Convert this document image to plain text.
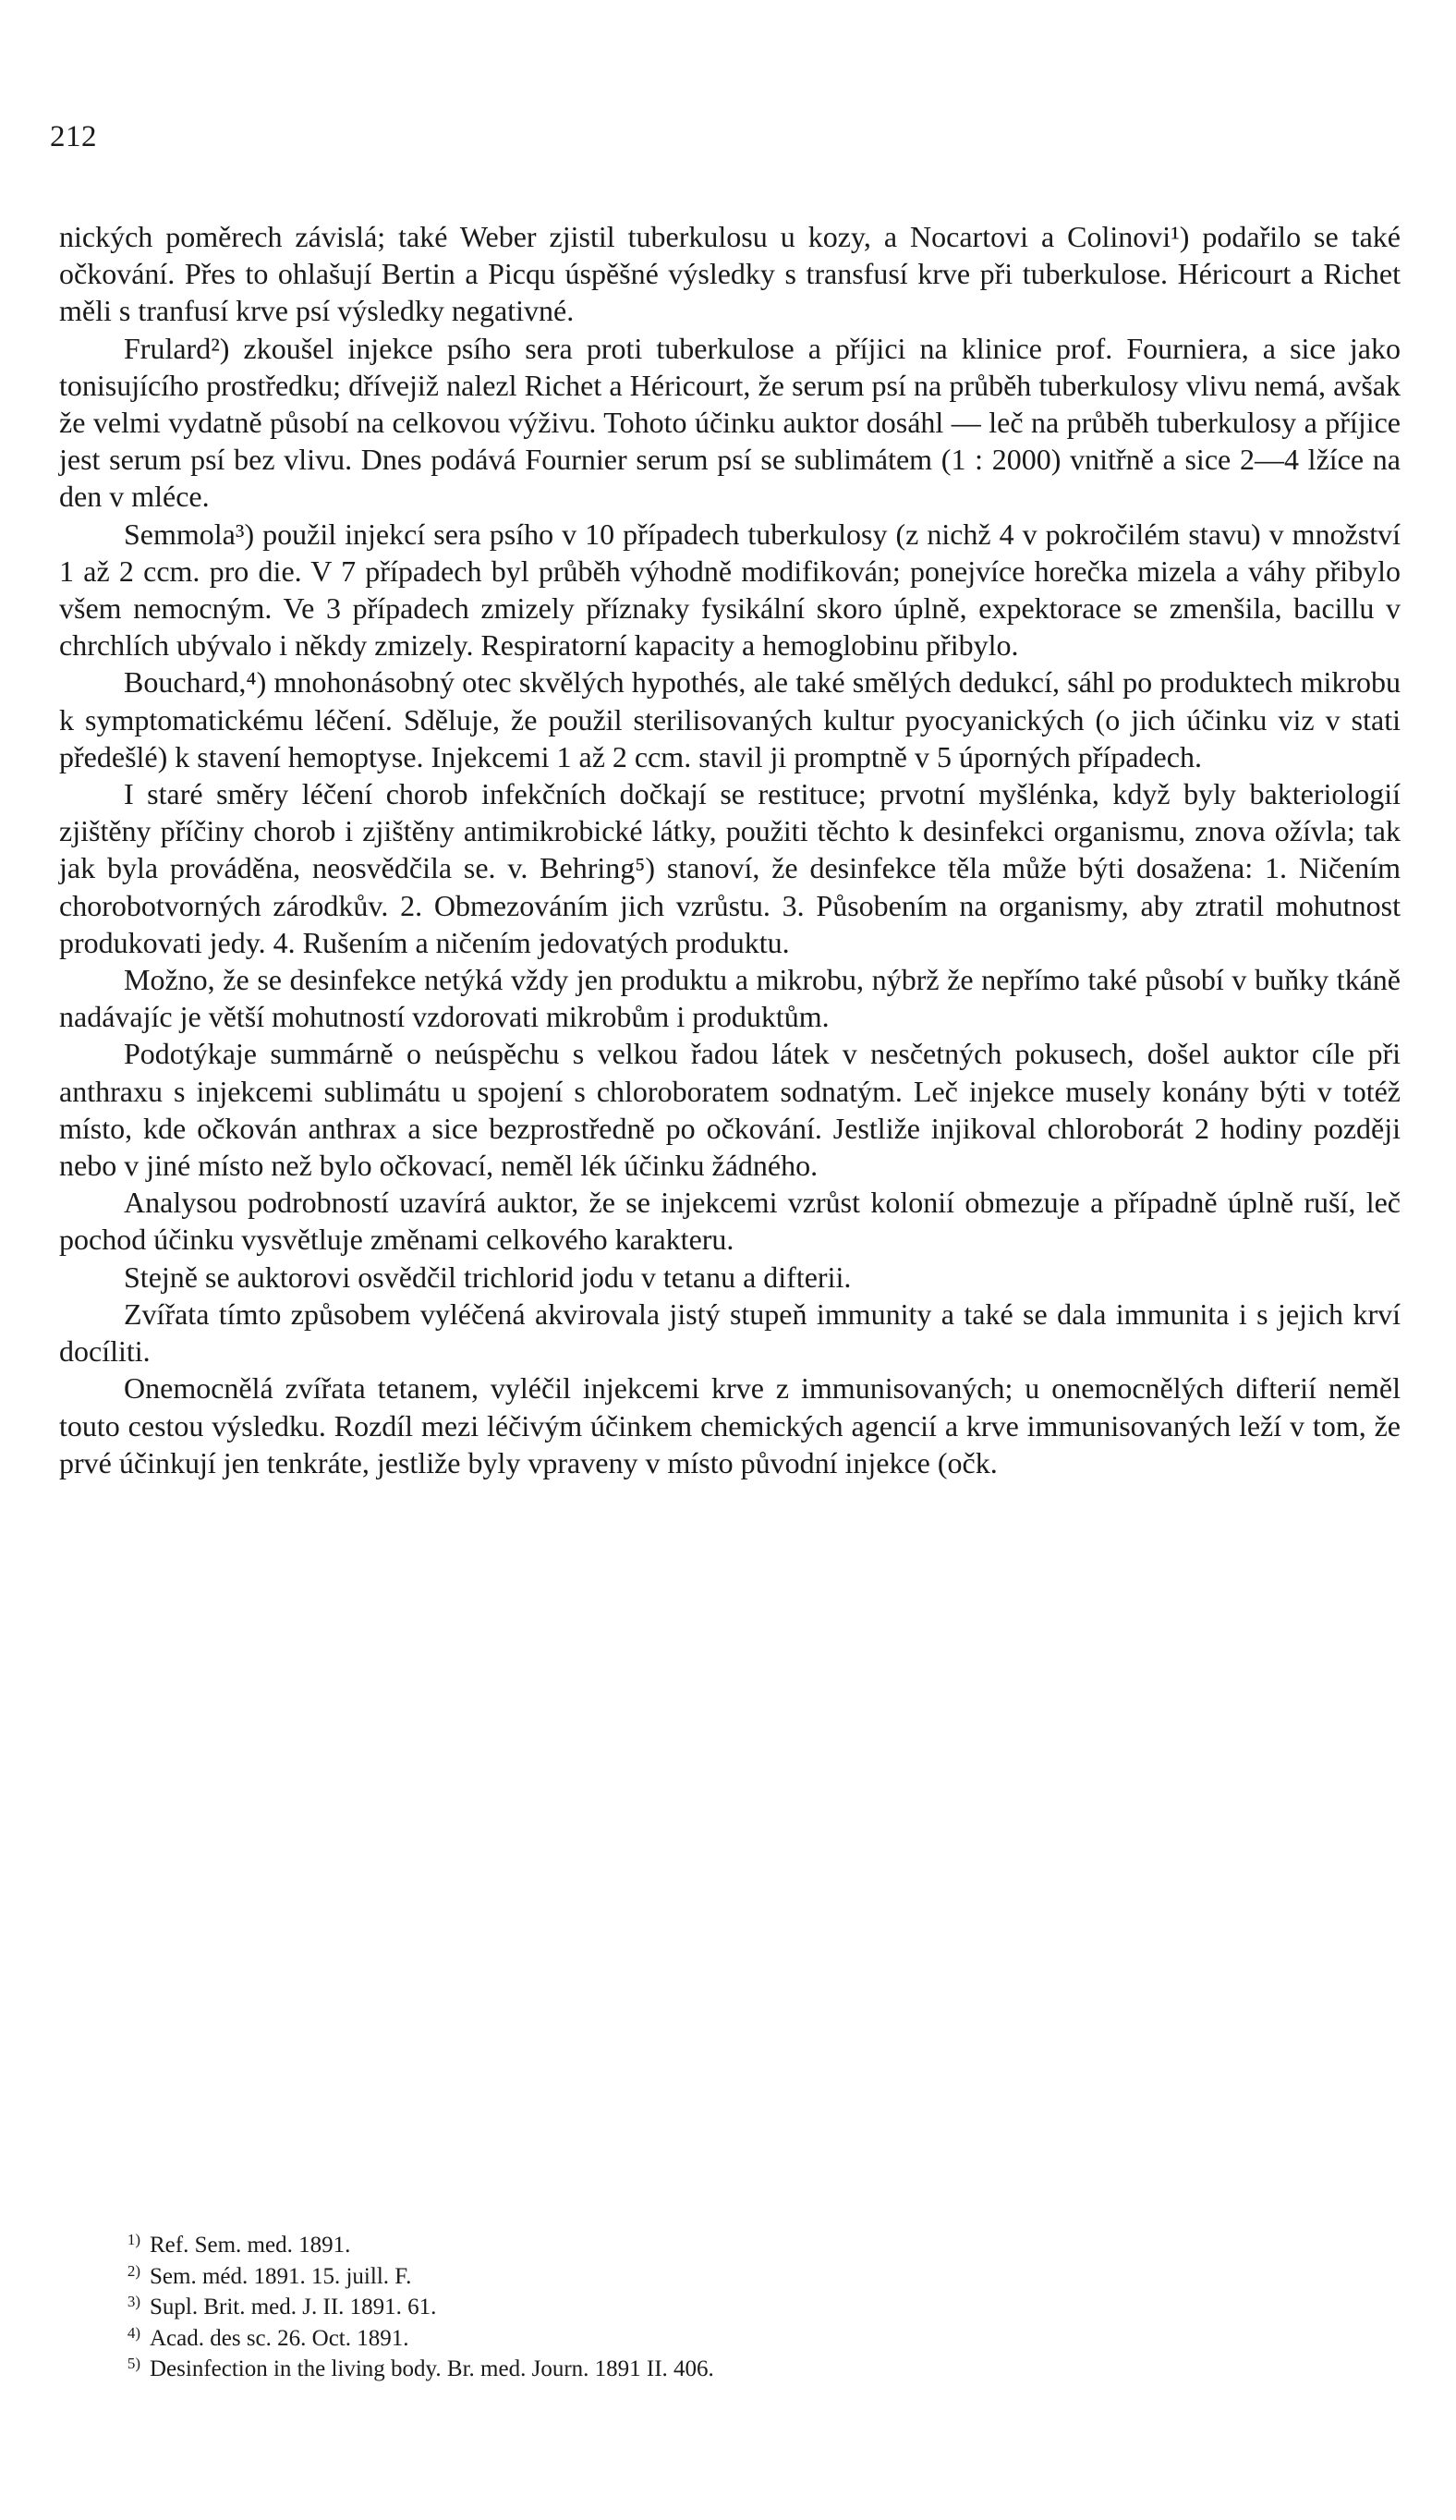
212

nických poměrech závislá; také Weber zjistil tuberkulosu u kozy, a Nocartovi a Colinovi¹) podařilo se také očkování. Přes to ohlašují Bertin a Picqu úspěšné výsledky s transfusí krve při tuberkulose. Héricourt a Richet měli s tranfusí krve psí výsledky negativné.

Frulard²) zkoušel injekce psího sera proti tuberkulose a příjici na klinice prof. Fourniera, a sice jako tonisujícího prostředku; dřívejiž nalezl Richet a Héricourt, že serum psí na průběh tuberkulosy vlivu nemá, avšak že velmi vydatně působí na celkovou výživu. Tohoto účinku auktor dosáhl — leč na průběh tuberkulosy a příjice jest serum psí bez vlivu. Dnes podává Fournier serum psí se sublimátem (1 : 2000) vnitřně a sice 2—4 lžíce na den v mléce.

Semmola³) použil injekcí sera psího v 10 případech tuberkulosy (z nichž 4 v pokročilém stavu) v množství 1 až 2 ccm. pro die. V 7 případech byl průběh výhodně modifikován; ponejvíce horečka mizela a váhy přibylo všem nemocným. Ve 3 případech zmizely příznaky fysikální skoro úplně, expektorace se zmenšila, bacillu v chrchlích ubývalo i někdy zmizely. Respiratorní kapacity a hemoglobinu přibylo.

Bouchard,⁴) mnohonásobný otec skvělých hypothés, ale také smělých dedukcí, sáhl po produktech mikrobu k symptomatickému léčení. Sděluje, že použil sterilisovaných kultur pyocyanických (o jich účinku viz v stati předešlé) k stavení hemoptyse. Injekcemi 1 až 2 ccm. stavil ji promptně v 5 úporných případech.

I staré směry léčení chorob infekčních dočkají se restituce; prvotní myšlénka, když byly bakteriologií zjištěny příčiny chorob i zjištěny antimikrobické látky, použiti těchto k desinfekci organismu, znova ožívla; tak jak byla prováděna, neosvědčila se. v. Behring⁵) stanoví, že desinfekce těla může býti dosažena: 1. Ničením chorobotvorných zárodkův. 2. Obmezováním jich vzrůstu. 3. Působením na organismy, aby ztratil mohutnost produkovati jedy. 4. Rušením a ničením jedovatých produktu.

Možno, že se desinfekce netýká vždy jen produktu a mikrobu, nýbrž že nepřímo také působí v buňky tkáně nadávajíc je větší mohutností vzdorovati mikrobům i produktům.

Podotýkaje summárně o neúspěchu s velkou řadou látek v nesčetných pokusech, došel auktor cíle při anthraxu s injekcemi sublimátu u spojení s chloroboratem sodnatým. Leč injekce musely konány býti v totéž místo, kde očkován anthrax a sice bezprostředně po očkování. Jestliže injikoval chloroborát 2 hodiny později nebo v jiné místo než bylo očkovací, neměl lék účinku žádného.

Analysou podrobností uzavírá auktor, že se injekcemi vzrůst kolonií obmezuje a případně úplně ruší, leč pochod účinku vysvětluje změnami celkového karakteru.

Stejně se auktorovi osvědčil trichlorid jodu v tetanu a difterii.

Zvířata tímto způsobem vyléčená akvirovala jistý stupeň immunity a také se dala immunita i s jejich krví docíliti.

Onemocnělá zvířata tetanem, vyléčil injekcemi krve z immunisovaných; u onemocnělých difterií neměl touto cestou výsledku. Rozdíl mezi léčivým účinkem chemických agencií a krve immunisovaných leží v tom, že prvé účinkují jen tenkráte, jestliže byly vpraveny v místo původní injekce (očk.

1) Ref. Sem. med. 1891.
2) Sem. méd. 1891. 15. juill. F.
3) Supl. Brit. med. J. II. 1891. 61.
4) Acad. des sc. 26. Oct. 1891.
5) Desinfection in the living body. Br. med. Journ. 1891 II. 406.
